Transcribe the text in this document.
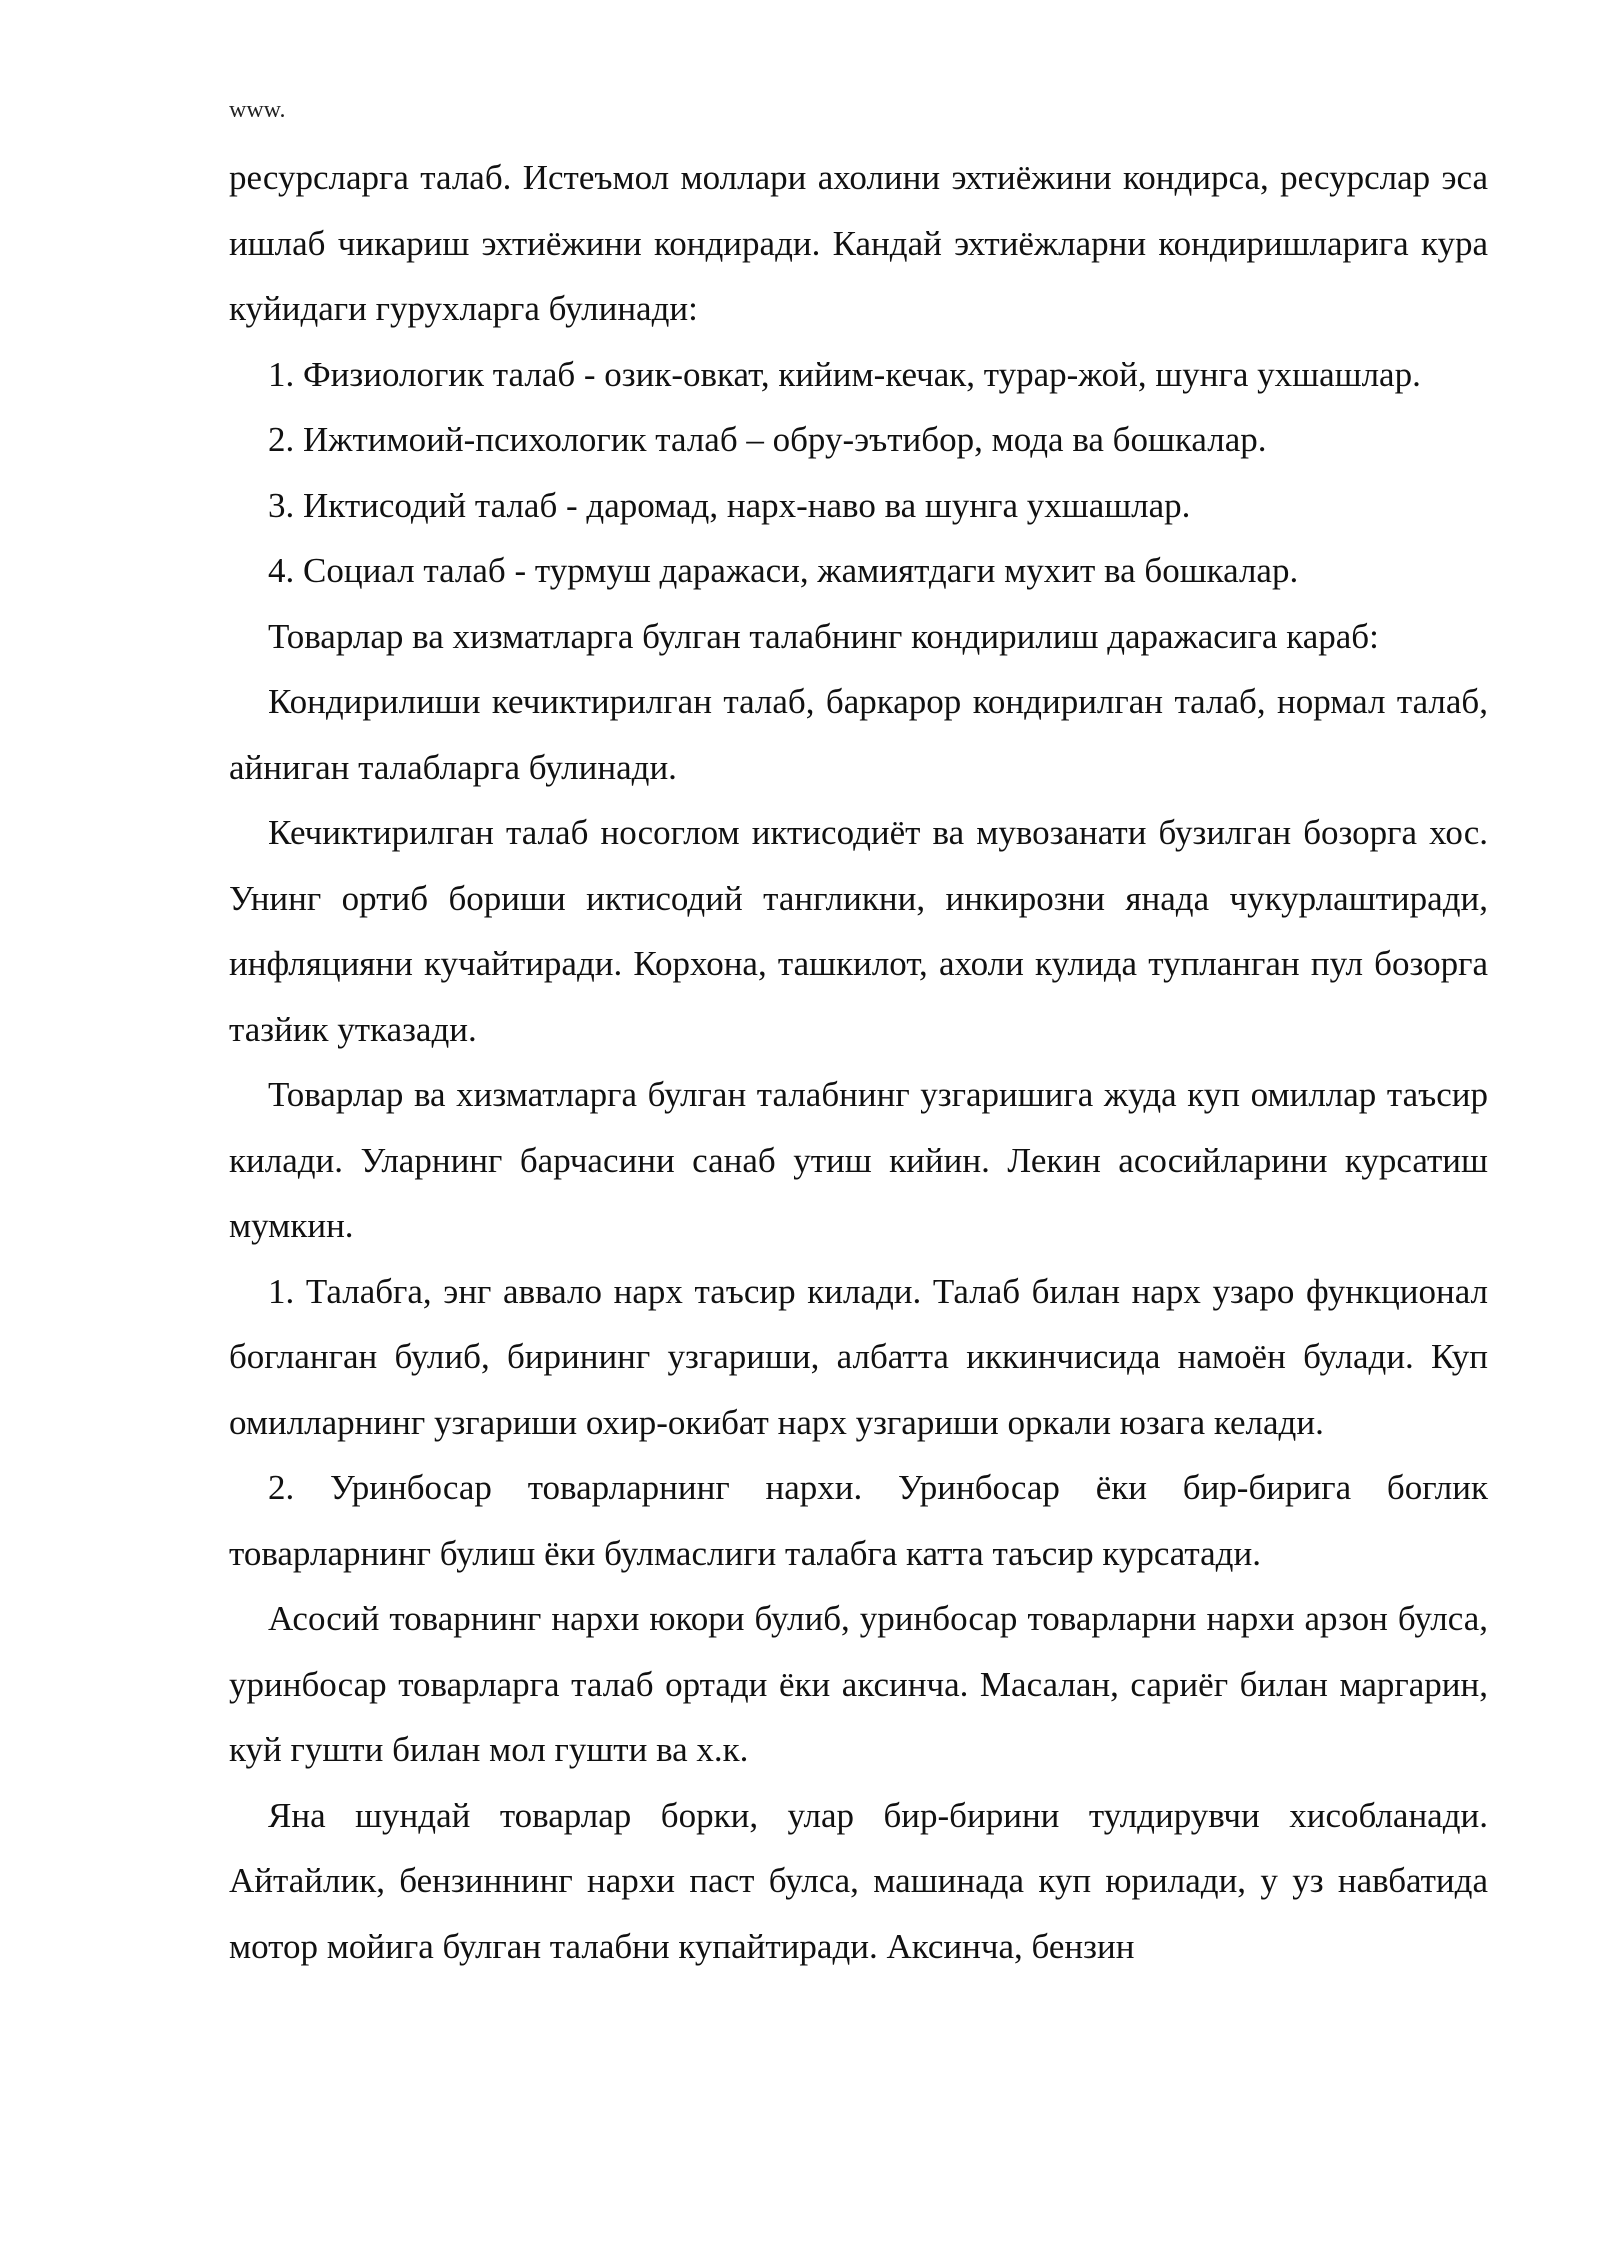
www.

ресурсларга талаб. Истеъмол моллари ахолини эхтиёжини кондирса, ресурслар эса ишлаб чикариш эхтиёжини кондиради. Кандай эхтиёжларни кондиришларига кура куйидаги гурухларга булинади:

1. Физиологик талаб - озик-овкат, кийим-кечак, турар-жой, шунга ухшашлар.

2. Ижтимоий-психологик талаб – обру-эътибор, мода ва бошкалар.

3. Иктисодий талаб - даромад, нарх-наво ва шунга ухшашлар.

4. Социал талаб - турмуш даражаси, жамиятдаги мухит ва бошкалар.

Товарлар ва хизматларга булган талабнинг кондирилиш даражасига караб:

Кондирилиши кечиктирилган талаб, баркарор кондирилган талаб, нормал талаб, айниган талабларга булинади.

Кечиктирилган талаб носоглом иктисодиёт ва мувозанати бузилган бозорга хос. Унинг ортиб бориши иктисодий тангликни, инкирозни янада чукурлаштиради, инфляцияни кучайтиради. Корхона, ташкилот, ахоли кулида тупланган пул бозорга тазйик утказади.

Товарлар ва хизматларга булган талабнинг узгаришига жуда куп омиллар таъсир килади. Уларнинг барчасини санаб утиш кийин. Лекин асосийларини курсатиш мумкин.

1. Талабга, энг аввало нарх таъсир килади. Талаб билан нарх узаро функционал богланган булиб, бирининг узгариши, албатта иккинчисида намоён булади. Куп омилларнинг узгариши охир-окибат нарх узгариши оркали юзага келади.

2. Уринбосар товарларнинг нархи. Уринбосар ёки бир-бирига боглик товарларнинг булиш ёки булмаслиги талабга катта таъсир курсатади.

Асосий товарнинг нархи юкори булиб, уринбосар товарларни нархи арзон булса, уринбосар товарларга талаб ортади ёки аксинча. Масалан, сариёг билан маргарин, куй гушти билан мол гушти ва х.к.

Яна шундай товарлар борки, улар бир-бирини тулдирувчи хисобланади. Айтайлик, бензиннинг нархи паст булса, машинада куп юрилади, у уз навбатида мотор мойига булган талабни купайтиради. Аксинча, бензин
